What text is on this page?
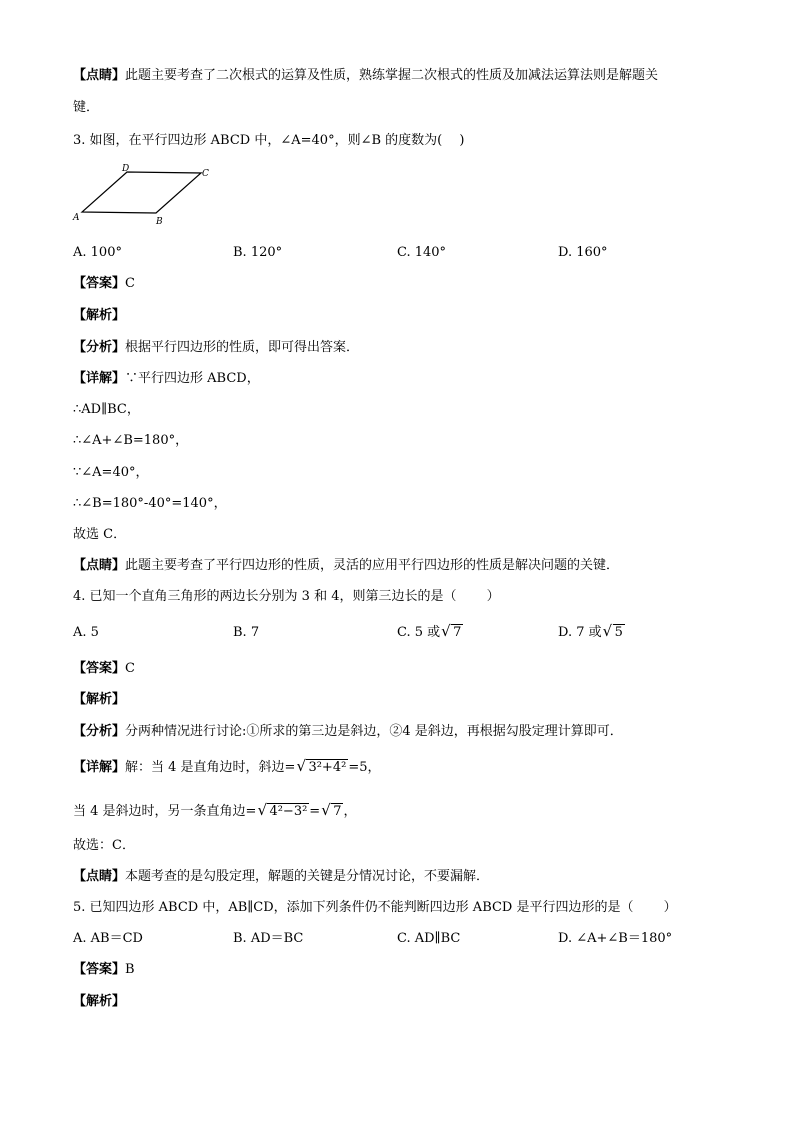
【点睛】此题主要考查了二次根式的运算及性质，熟练掌握二次根式的性质及加减法运算法则是解题关
键．
3. 如图，在平行四边形 ABCD 中，∠A=40°，则∠B 的度数为(　 )
D	C
A	B
A. 100°	B. 120°	C. 140°	D. 160°
【答案】C
【解析】
【分析】根据平行四边形的性质，即可得出答案．
【详解】∵平行四边形 ABCD，
∴AD∥BC，
∴∠A+∠B=180°，
∵∠A=40°，
∴∠B=180°-40°=140°，
故选 C．
【点睛】此题主要考查了平行四边形的性质，灵活的应用平行四边形的性质是解决问题的关键．
4. 已知一个直角三角形的两边长分别为 3 和 4，则第三边长的是（　　 ）
A. 5	B. 7	C. 5 或 √ 7	D. 7 或 √ 5
【答案】C
【解析】
【分析】分两种情况进行讨论:①所求的第三边是斜边，②4 是斜边，再根据勾股定理计算即可．
【详解】解：当 4 是直角边时，斜边= √ 3²+4² =5，
当 4 是斜边时，另一条直角边= √ 4²−3² = √ 7 ，
故选：C．
【点睛】本题考查的是勾股定理，解题的关键是分情况讨论，不要漏解．
5. 已知四边形 ABCD 中，AB∥CD，添加下列条件仍不能判断四边形 ABCD 是平行四边形的是（　　 ）
A. AB＝CD	B. AD＝BC	C. AD∥BC	D. ∠A+∠B＝180°
【答案】B
【解析】
